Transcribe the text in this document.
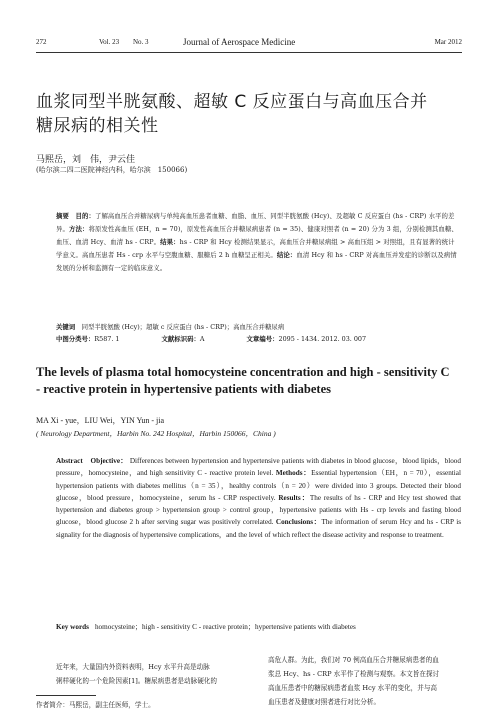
272	Vol. 23 No. 3	Journal of Aerospace Medicine	Mar 2012
血浆同型半胱氨酸、超敏 C 反应蛋白与高血压合并
糖尿病的相关性
马熙岳，刘　伟，尹云佳
(哈尔滨二四二医院神经内科，哈尔滨　150066)
摘要　目的：了解高血压合并糖尿病与单纯高血压患者血糖、血脂、血压、同型半胱氨酸 (Hcy)、及超敏 C 反应蛋白 (hs - CRP) 水平的差异。方法：将原发性高血压 (EH，n = 70)，原发性高血压合并糖尿病患者 (n = 35)、健康对照者 (n = 20) 分为 3 组，分别检测其血糖、血压、血清 Hcy、血清 hs - CRP。结果：hs - CRP 和 Hcy 检测结果显示，高血压合并糖尿病组 > 高血压组 > 对照组，且有显著的统计学意义。高血压患者 Hs - crp 水平与空腹血糖、服糖后 2 h 血糖呈正相关。结论：血清 Hcy 和 hs - CRP 对高血压并发症的诊断以及病情发展的分析和监测有一定的临床意义。
关键词　 同型半胱氨酸 (Hcy)；超敏 c 反应蛋白 (hs - CRP)；高血压合并糖尿病
中图分类号：R587. 1	文献标识码：A	文章编号：2095 - 1434. 2012. 03. 007
The levels of plasma total homocysteine concentration and high - sensitivity C
- reactive protein in hypertensive patients with diabetes
MA Xi - yue，LIU Wei，YIN Yun - jia
( Neurology Department，Harbin No. 242 Hospital，Harbin 150066，China )
Abstract　Objective： Differences between hypertension and hypertensive patients with diabetes in blood glucose，blood lipids，blood pressure，homocysteine，and high sensitivity C - reactive protein level. Methods：Essential hypertension（EH，n = 70），essential hypertension patients with diabetes mellitus（n = 35），healthy controls（n = 20）were divided into 3 groups. Detected their blood glucose，blood pressure，homocysteine，serum hs - CRP respectively. Results：The results of hs - CRP and Hcy test showed that hypertension and diabetes group > hypertension group > control group，hypertensive patients with Hs - crp levels and fasting blood glucose，blood glucose 2 h after serving sugar was positively correlated. Conclusions：The information of serum Hcy and hs - CRP is signality for the diagnosis of hypertensive complications，and the level of which reflect the disease activity and response to treatment.
Key words homocysteine；high - sensitivity C - reactive protein；hypertensive patients with diabetes
近年来，大量国内外资料表明，Hcy 水平升高是动脉
粥样硬化的一个危险因素[1]。糖尿病患者是动脉硬化的
高危人群。为此，我们对 70 例高血压合并糖尿病患者的血
浆总 Hcy、hs - CRP 水平作了检测与观察。本文旨在探讨
高血压患者中的糖尿病患者血浆 Hcy 水平的变化，并与高
血压患者及健康对照者进行对比分析。
作者简介：马熙岳，副主任医师，学士。
